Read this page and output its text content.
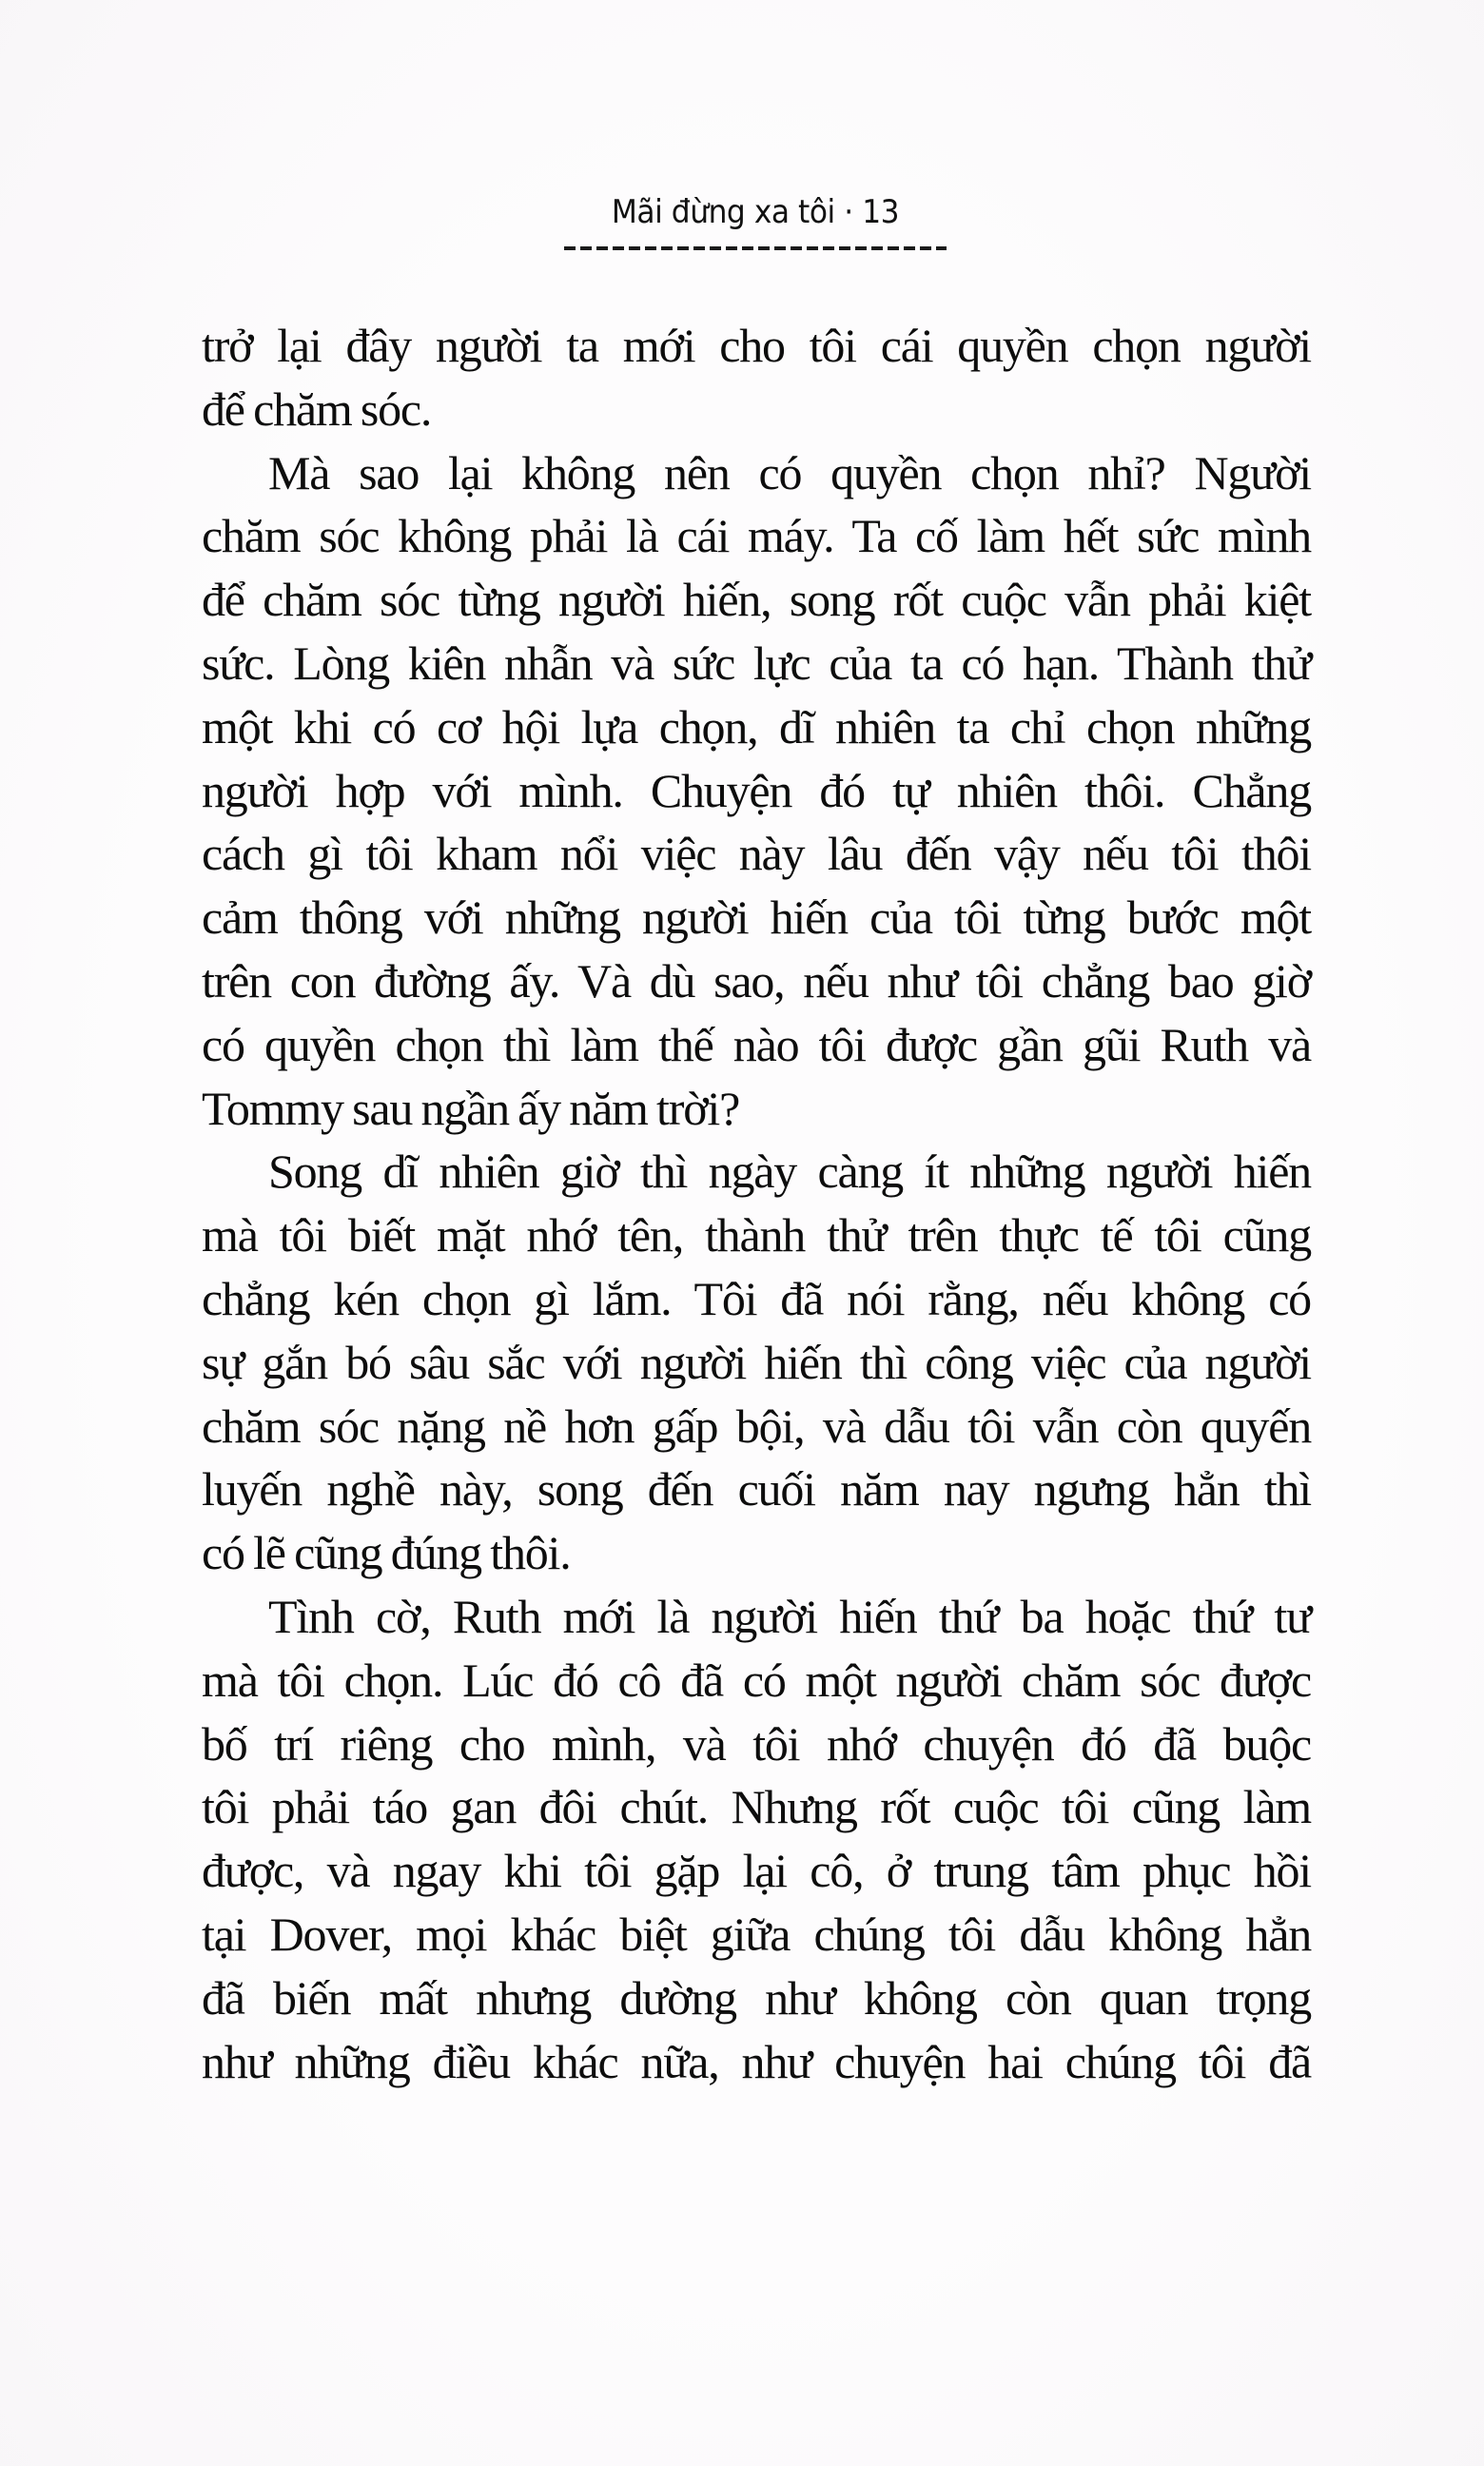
Mãi đừng xa tôi · 13
trở lại đây người ta mới cho tôi cái quyền chọn người
để chăm sóc.
Mà sao lại không nên có quyền chọn nhỉ? Người
chăm sóc không phải là cái máy. Ta cố làm hết sức mình
để chăm sóc từng người hiến, song rốt cuộc vẫn phải kiệt
sức. Lòng kiên nhẫn và sức lực của ta có hạn. Thành thử
một khi có cơ hội lựa chọn, dĩ nhiên ta chỉ chọn những
người hợp với mình. Chuyện đó tự nhiên thôi. Chẳng
cách gì tôi kham nổi việc này lâu đến vậy nếu tôi thôi
cảm thông với những người hiến của tôi từng bước một
trên con đường ấy. Và dù sao, nếu như tôi chẳng bao giờ
có quyền chọn thì làm thế nào tôi được gần gũi Ruth và
Tommy sau ngần ấy năm trời?
Song dĩ nhiên giờ thì ngày càng ít những người hiến
mà tôi biết mặt nhớ tên, thành thử trên thực tế tôi cũng
chẳng kén chọn gì lắm. Tôi đã nói rằng, nếu không có
sự gắn bó sâu sắc với người hiến thì công việc của người
chăm sóc nặng nề hơn gấp bội, và dẫu tôi vẫn còn quyến
luyến nghề này, song đến cuối năm nay ngưng hẳn thì
có lẽ cũng đúng thôi.
Tình cờ, Ruth mới là người hiến thứ ba hoặc thứ tư
mà tôi chọn. Lúc đó cô đã có một người chăm sóc được
bố trí riêng cho mình, và tôi nhớ chuyện đó đã buộc
tôi phải táo gan đôi chút. Nhưng rốt cuộc tôi cũng làm
được, và ngay khi tôi gặp lại cô, ở trung tâm phục hồi
tại Dover, mọi khác biệt giữa chúng tôi dẫu không hẳn
đã biến mất nhưng dường như không còn quan trọng
như những điều khác nữa, như chuyện hai chúng tôi đã
